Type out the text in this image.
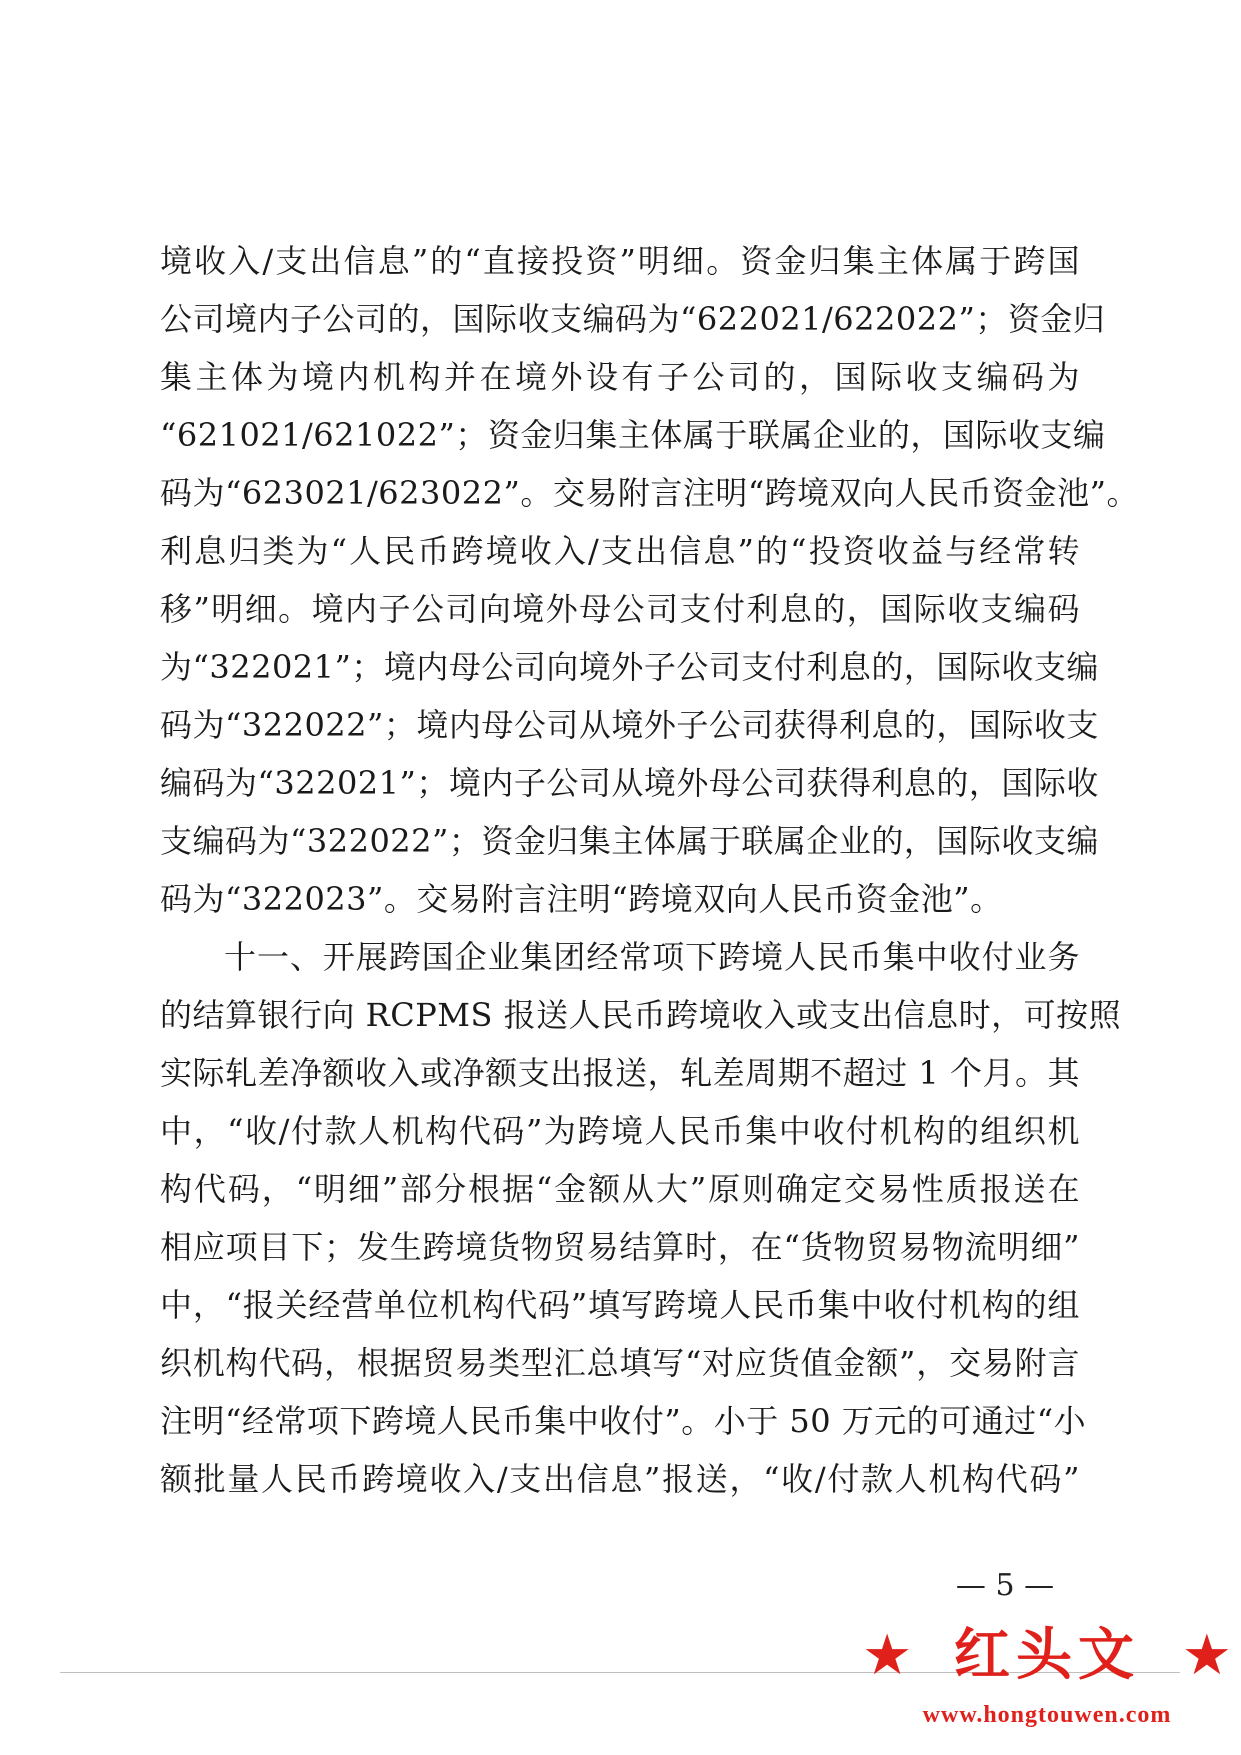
境收入/支出信息”的“直接投资”明细。资金归集主体属于跨国
公司境内子公司的，国际收支编码为“622021/622022”；资金归
集主体为境内机构并在境外设有子公司的，国际收支编码为
“621021/621022”；资金归集主体属于联属企业的，国际收支编
码为“623021/623022”。交易附言注明“跨境双向人民币资金池”。
利息归类为“人民币跨境收入/支出信息”的“投资收益与经常转
移”明细。境内子公司向境外母公司支付利息的，国际收支编码
为“322021”；境内母公司向境外子公司支付利息的，国际收支编
码为“322022”；境内母公司从境外子公司获得利息的，国际收支
编码为“322021”；境内子公司从境外母公司获得利息的，国际收
支编码为“322022”；资金归集主体属于联属企业的，国际收支编
码为“322023”。交易附言注明“跨境双向人民币资金池”。
十一、开展跨国企业集团经常项下跨境人民币集中收付业务
的结算银行向 RCPMS 报送人民币跨境收入或支出信息时，可按照
实际轧差净额收入或净额支出报送，轧差周期不超过 1 个月。其
中，“收/付款人机构代码”为跨境人民币集中收付机构的组织机
构代码，“明细”部分根据“金额从大”原则确定交易性质报送在
相应项目下；发生跨境货物贸易结算时，在“货物贸易物流明细”
中，“报关经营单位机构代码”填写跨境人民币集中收付机构的组
织机构代码，根据贸易类型汇总填写“对应货值金额”，交易附言
注明“经常项下跨境人民币集中收付”。小于 50 万元的可通过“小
额批量人民币跨境收入/支出信息”报送，“收/付款人机构代码”
— 5 —
★ 红头文 ★
www.hongtouwen.com
